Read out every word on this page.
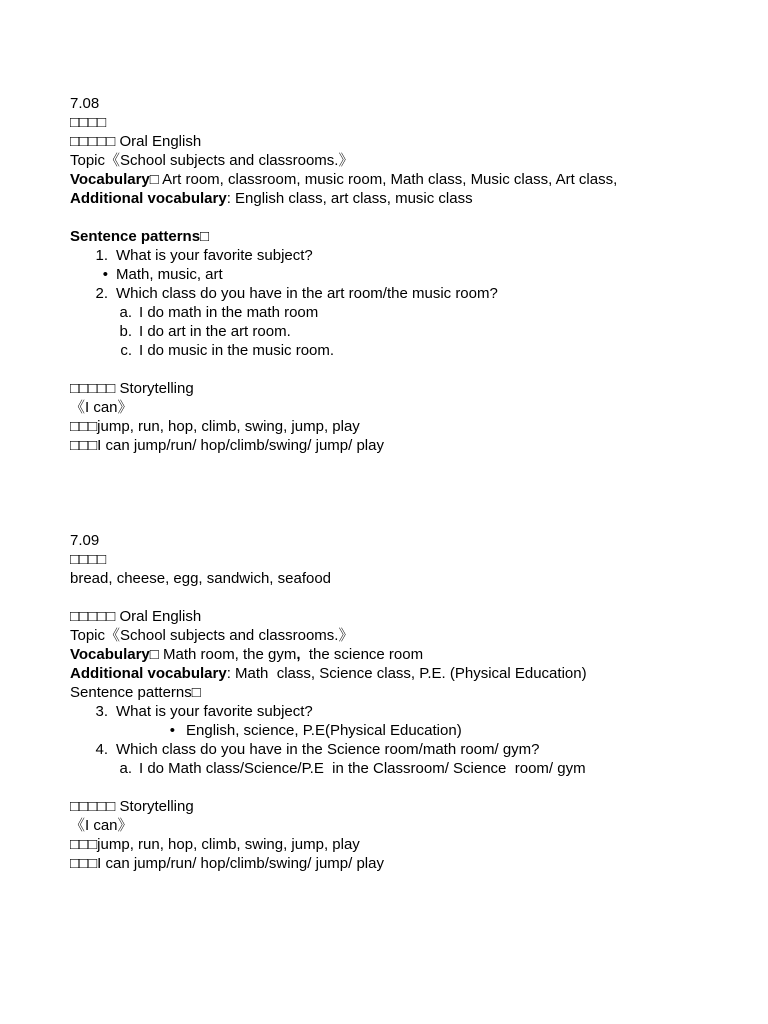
7.08
□□□□
□□□□□ Oral English
Topic《School subjects and classrooms.》
Vocabulary□ Art room, classroom, music room, Math class, Music class, Art class,
Additional vocabulary: English class, art class, music class
Sentence patterns□
1. What is your favorite subject?
• Math, music, art
2. Which class do you have in the art room/the music room?
a. I do math in the math room
b. I do art in the art room.
c. I do music in the music room.
□□□□□ Storytelling
《I can》
□□□jump, run, hop, climb, swing, jump, play
□□□I can jump/run/ hop/climb/swing/ jump/ play
7.09
□□□□
bread, cheese, egg, sandwich, seafood
□□□□□ Oral English
Topic《School subjects and classrooms.》
Vocabulary□ Math room, the gym,  the science room
Additional vocabulary: Math  class, Science class, P.E. (Physical Education)
Sentence patterns□
3. What is your favorite subject?
• English, science, P.E(Physical Education)
4. Which class do you have in the Science room/math room/ gym?
a. I do Math class/Science/P.E  in the Classroom/ Science  room/ gym
□□□□□ Storytelling
《I can》
□□□jump, run, hop, climb, swing, jump, play
□□□I can jump/run/ hop/climb/swing/ jump/ play
